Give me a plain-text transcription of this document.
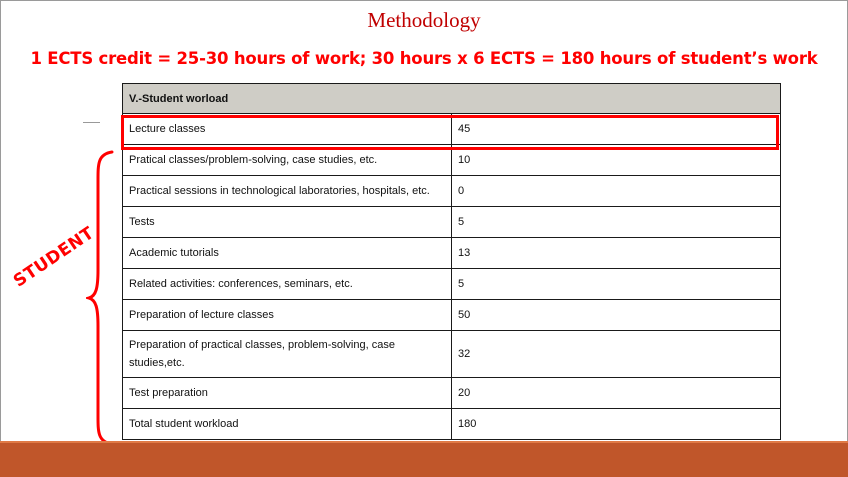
Methodology
1 ECTS credit = 25-30 hours of work; 30 hours x 6 ECTS = 180 hours of student’s work
V.-Student worload	
Lecture classes	45
Pratical classes/problem-solving, case studies, etc.	10
Practical sessions in technological laboratories, hospitals, etc.	0
Tests	5
Academic tutorials	13
Related activities: conferences, seminars, etc.	5
Preparation of lecture classes	50
Preparation of practical classes, problem-solving, case studies,etc.	32
Test preparation	20
Total student workload	180
STUDENT
